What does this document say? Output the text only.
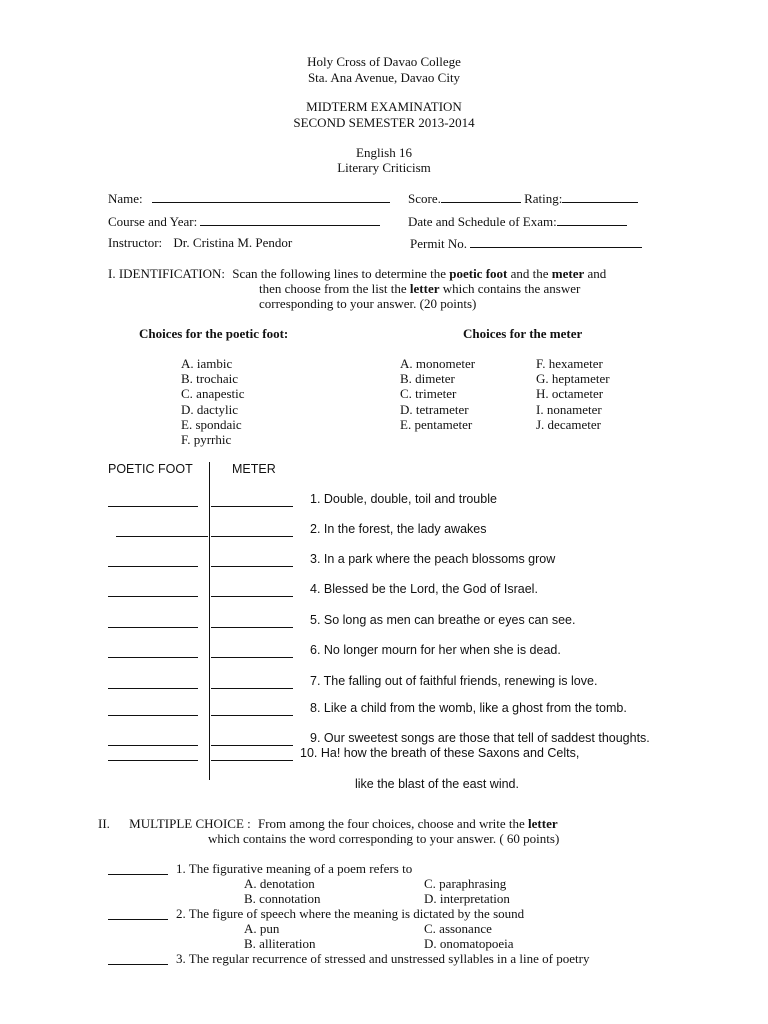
Holy Cross of Davao College
Sta. Ana Avenue, Davao City
MIDTERM EXAMINATION
SECOND SEMESTER 2013-2014
English 16
Literary Criticism
Name:	Score.	Rating:
Course and Year:	Date and Schedule of Exam:
Instructor: Dr. Cristina M. Pendor	Permit No.
I. IDENTIFICATION: Scan the following lines to determine the poetic foot and the meter and
then choose from the list the letter which contains the answer
corresponding to your answer. (20 points)
Choices for the poetic foot:	Choices for the meter
A. iambic
B. trochaic
C. anapestic
D. dactylic
E. spondaic
F. pyrrhic
A. monometer
B. dimeter
C. trimeter
D. tetrameter
E. pentameter
F. hexameter
G. heptameter
H. octameter
I. nonameter
J. decameter
POETIC FOOT	METER
1. Double, double, toil and trouble
2. In the forest, the lady awakes
3. In a park where the peach blossoms grow
4. Blessed be the Lord, the God of Israel.
5. So long as men can breathe or eyes can see.
6. No longer mourn for her when she is dead.
7. The falling out of faithful friends, renewing is love.
8. Like a child from the womb, like a ghost from the tomb.
9. Our sweetest songs are those that tell of saddest thoughts.
10. Ha! how the breath of these Saxons and Celts,
like the blast of the east wind.
II. MULTIPLE CHOICE : From among the four choices, choose and write the letter
which contains the word corresponding to your answer. ( 60 points)
1. The figurative meaning of a poem refers to
A. denotation	C. paraphrasing
B. connotation	D. interpretation
2. The figure of speech where the meaning is dictated by the sound
A. pun	C. assonance
B. alliteration	D. onomatopoeia
3. The regular recurrence of stressed and unstressed syllables in a line of poetry
